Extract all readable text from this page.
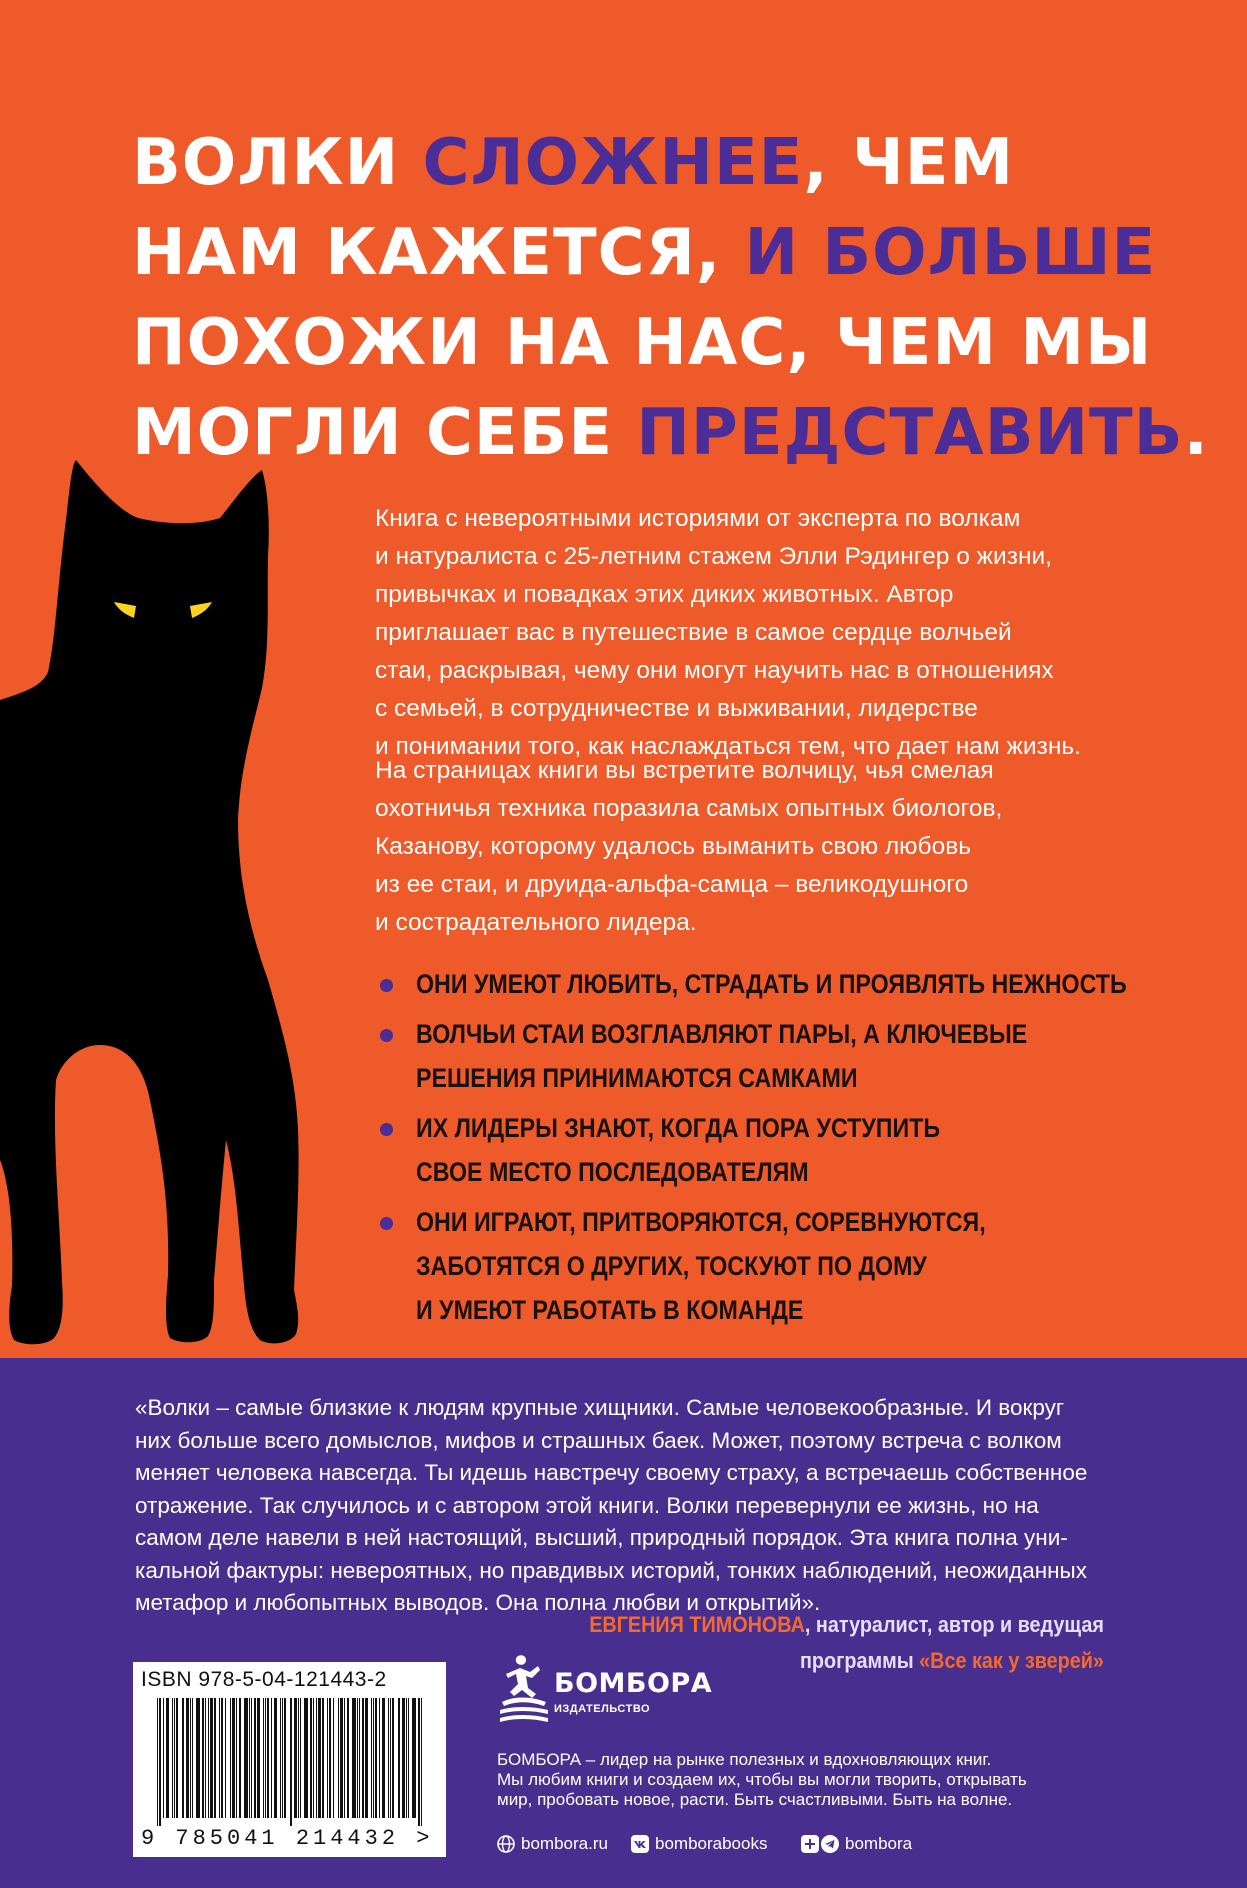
ВОЛКИ СЛОЖНЕЕ, ЧЕМ
НАМ КАЖЕТСЯ, И БОЛЬШЕ
ПОХОЖИ НА НАС, ЧЕМ МЫ
МОГЛИ СЕБЕ ПРЕДСТАВИТЬ.

Книга с невероятными историями от эксперта по волкам
и натуралиста с 25-летним стажем Элли Рэдингер о жизни,
привычках и повадках этих диких животных. Автор
приглашает вас в путешествие в самое сердце волчьей
стаи, раскрывая, чему они могут научить нас в отношениях
с семьей, в сотрудничестве и выживании, лидерстве
и понимании того, как наслаждаться тем, что дает нам жизнь.

На страницах книги вы встретите волчицу, чья смелая
охотничья техника поразила самых опытных биологов,
Казанову, которому удалось выманить свою любовь
из ее стаи, и друида-альфа-самца – великодушного
и сострадательного лидера.

ОНИ УМЕЮТ ЛЮБИТЬ, СТРАДАТЬ И ПРОЯВЛЯТЬ НЕЖНОСТЬ
ВОЛЧЬИ СТАИ ВОЗГЛАВЛЯЮТ ПАРЫ, А КЛЮЧЕВЫЕ
РЕШЕНИЯ ПРИНИМАЮТСЯ САМКАМИ
ИХ ЛИДЕРЫ ЗНАЮТ, КОГДА ПОРА УСТУПИТЬ
СВОЕ МЕСТО ПОСЛЕДОВАТЕЛЯМ
ОНИ ИГРАЮТ, ПРИТВОРЯЮТСЯ, СОРЕВНУЮТСЯ,
ЗАБОТЯТСЯ О ДРУГИХ, ТОСКУЮТ ПО ДОМУ
И УМЕЮТ РАБОТАТЬ В КОМАНДЕ

«Волки – самые близкие к людям крупные хищники. Самые человекообразные. И вокруг
них больше всего домыслов, мифов и страшных баек. Может, поэтому встреча с волком
меняет человека навсегда. Ты идешь навстречу своему страху, а встречаешь собственное
отражение. Так случилось и с автором этой книги. Волки перевернули ее жизнь, но на
самом деле навели в ней настоящий, высший, природный порядок. Эта книга полна уни-
кальной фактуры: невероятных, но правдивых историй, тонких наблюдений, неожиданных
метафор и любопытных выводов. Она полна любви и открытий».

ЕВГЕНИЯ ТИМОНОВА, натуралист, автор и ведущая
программы «Все как у зверей»

ISBN 978-5-04-121443-2
9 785041 214432 >
БОМБОРА
ИЗДАТЕЛЬСТВО

БОМБОРА – лидер на рынке полезных и вдохновляющих книг.
Мы любим книги и создаем их, чтобы вы могли творить, открывать
мир, пробовать новое, расти. Быть счастливыми. Быть на волне.

bombora.ru	bomborabooks	bombora
